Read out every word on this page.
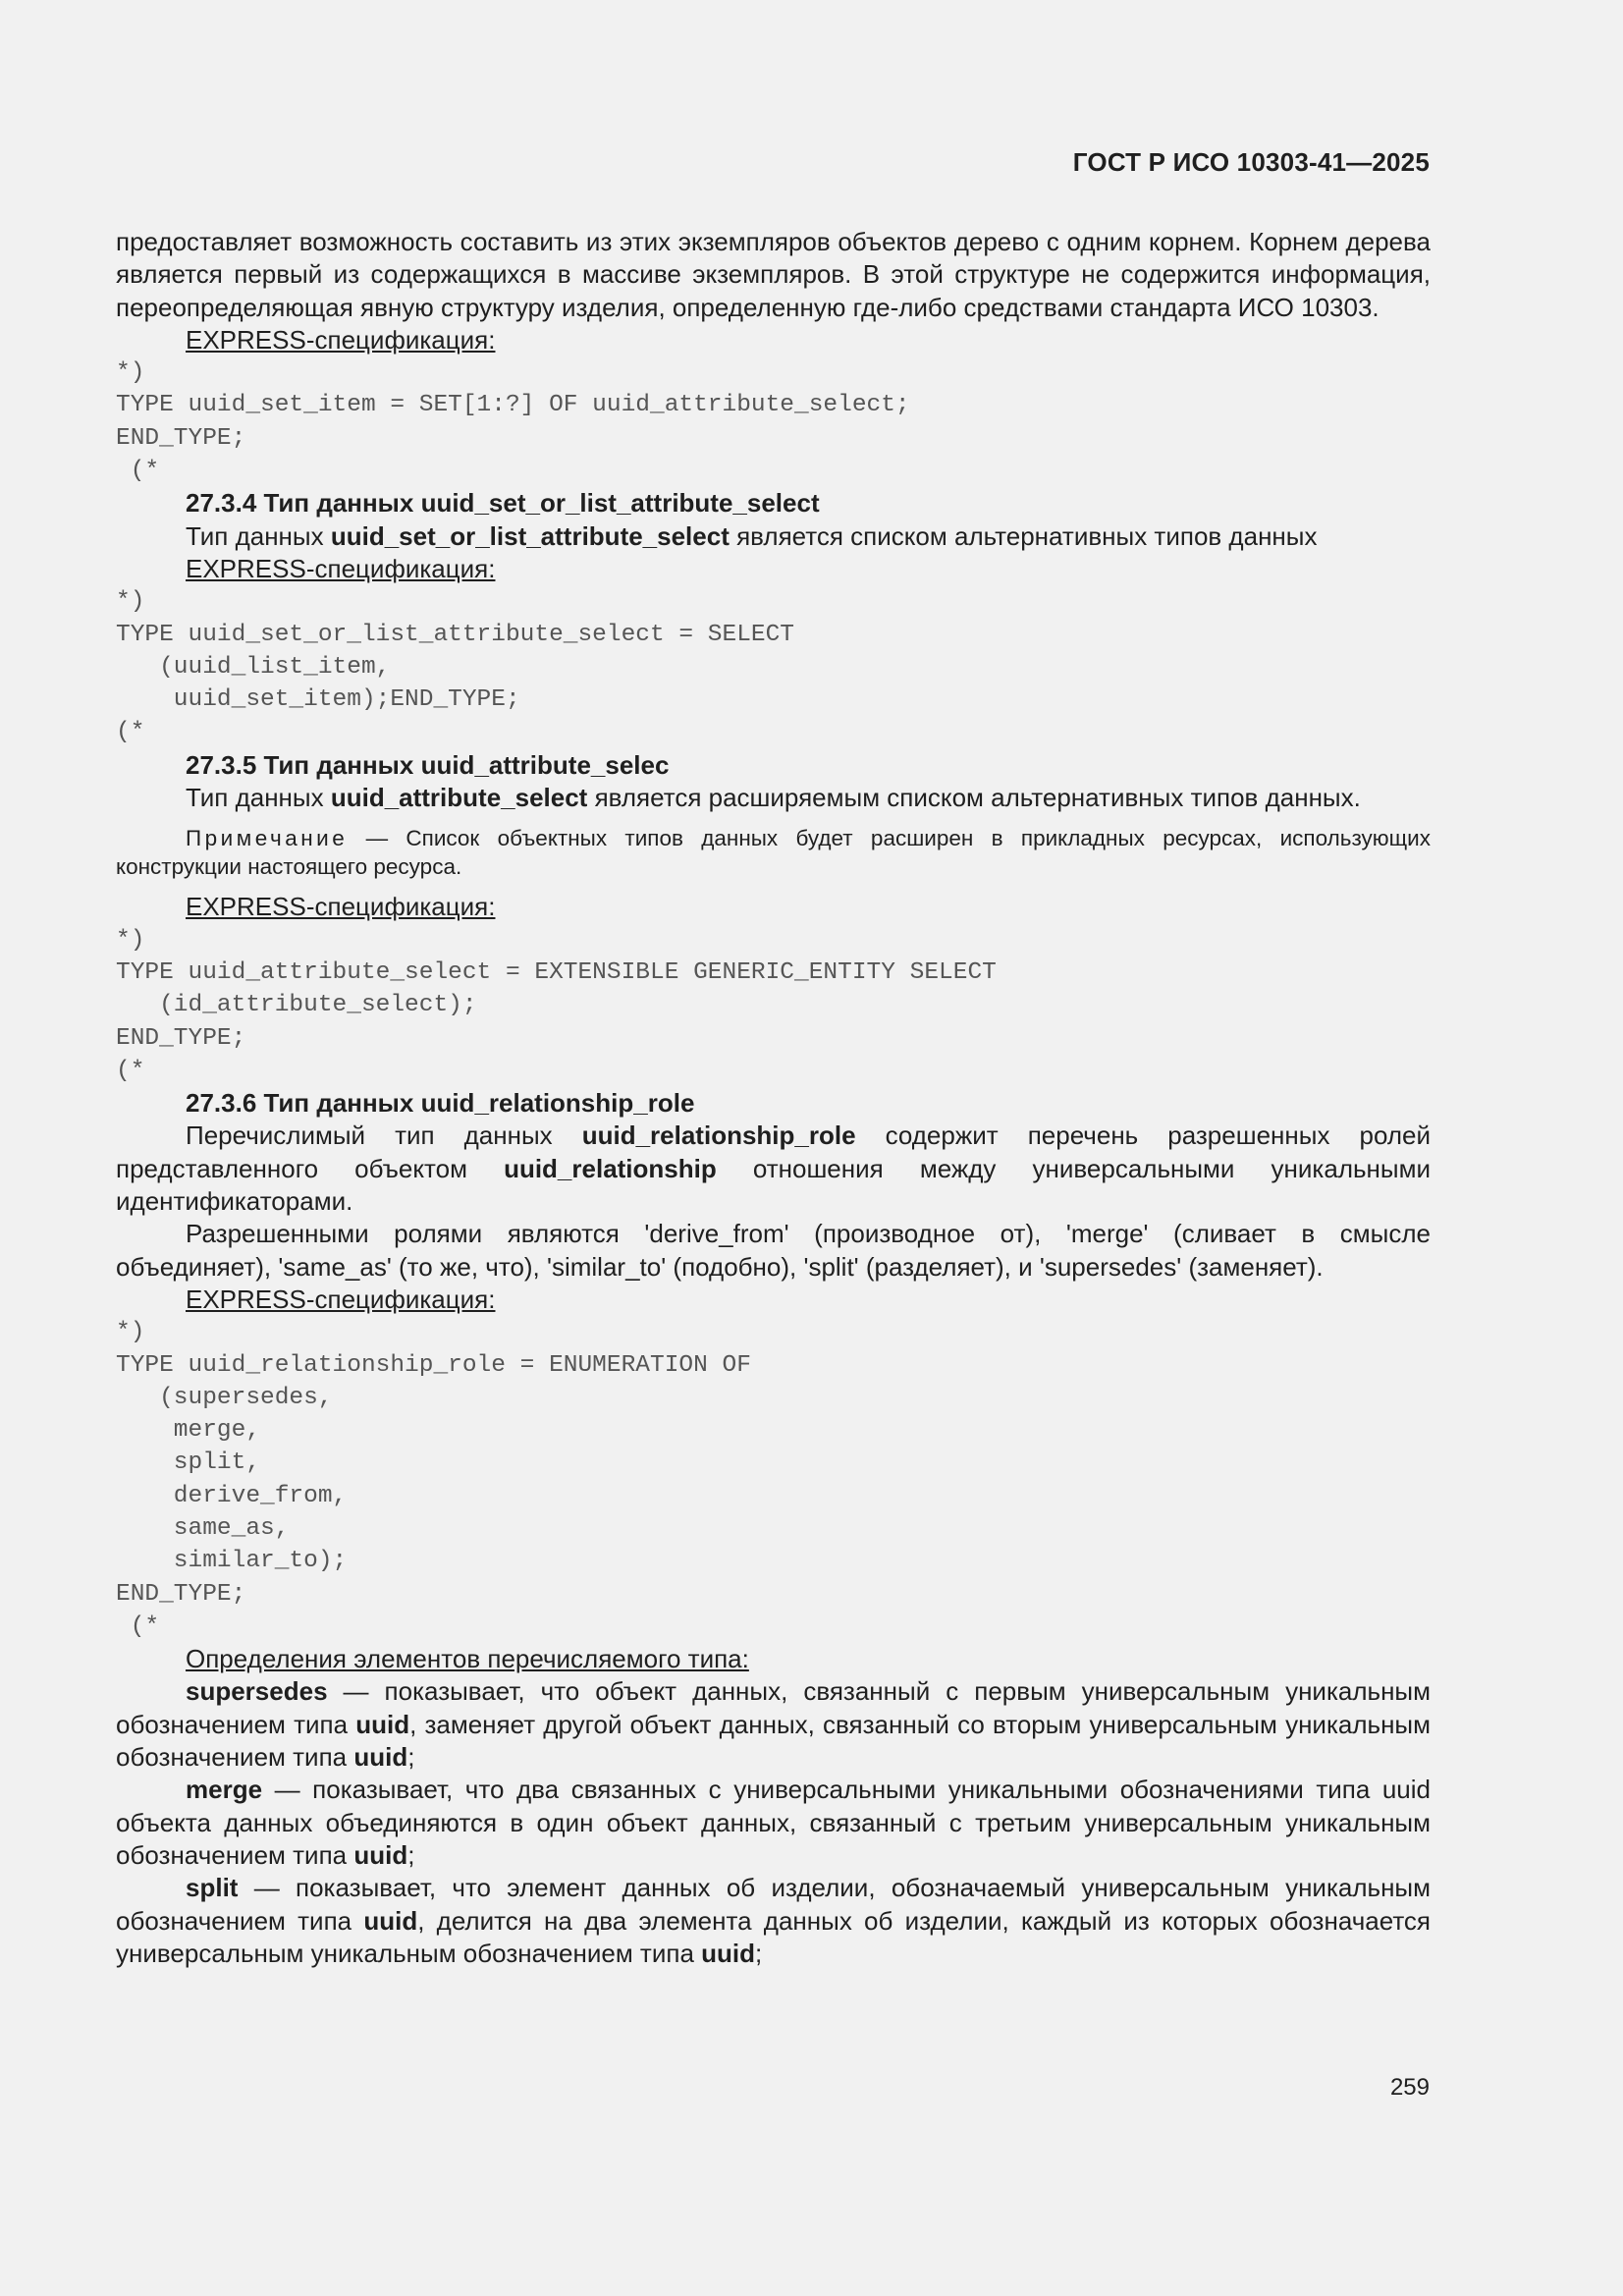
ГОСТ Р ИСО 10303-41—2025

предоставляет возможность составить из этих экземпляров объектов дерево с одним корнем. Корнем дерева является первый из содержащихся в массиве экземпляров. В этой структуре не содержится информация, переопределяющая явную структуру изделия, определенную где-либо средствами стандарта ИСО 10303.

EXPRESS-спецификация:

*)
TYPE uuid_set_item = SET[1:?] OF uuid_attribute_select;
END_TYPE;
(*

27.3.4 Тип данных uuid_set_or_list_attribute_select

Тип данных uuid_set_or_list_attribute_select является списком альтернативных типов данных

EXPRESS-спецификация:

*)
TYPE uuid_set_or_list_attribute_select = SELECT
(uuid_list_item,
uuid_set_item);END_TYPE;
(*

27.3.5 Тип данных uuid_attribute_selec

Тип данных uuid_attribute_select является расширяемым списком альтернативных типов данных.

Примечание — Список объектных типов данных будет расширен в прикладных ресурсах, использующих конструкции настоящего ресурса.

EXPRESS-спецификация:

*)
TYPE uuid_attribute_select = EXTENSIBLE GENERIC_ENTITY SELECT
(id_attribute_select);
END_TYPE;
(*

27.3.6 Тип данных uuid_relationship_role

Перечислимый тип данных uuid_relationship_role содержит перечень разрешенных ролей представленного объектом uuid_relationship отношения между универсальными уникальными идентификаторами.

Разрешенными ролями являются 'derive_from' (производное от), 'merge' (сливает в смысле объединяет), 'same_as' (то же, что), 'similar_to' (подобно), 'split' (разделяет), и 'supersedes' (заменяет).

EXPRESS-спецификация:

*)
TYPE uuid_relationship_role = ENUMERATION OF
(supersedes,
merge,
split,
derive_from,
same_as,
similar_to);
END_TYPE;
(*

Определения элементов перечисляемого типа:

supersedes — показывает, что объект данных, связанный с первым универсальным уникальным обозначением типа uuid, заменяет другой объект данных, связанный со вторым универсальным уникальным обозначением типа uuid;

merge — показывает, что два связанных с универсальными уникальными обозначениями типа uuid объекта данных объединяются в один объект данных, связанный с третьим универсальным уникальным обозначением типа uuid;

split — показывает, что элемент данных об изделии, обозначаемый универсальным уникальным обозначением типа uuid, делится на два элемента данных об изделии, каждый из которых обозначается универсальным уникальным обозначением типа uuid;

259
